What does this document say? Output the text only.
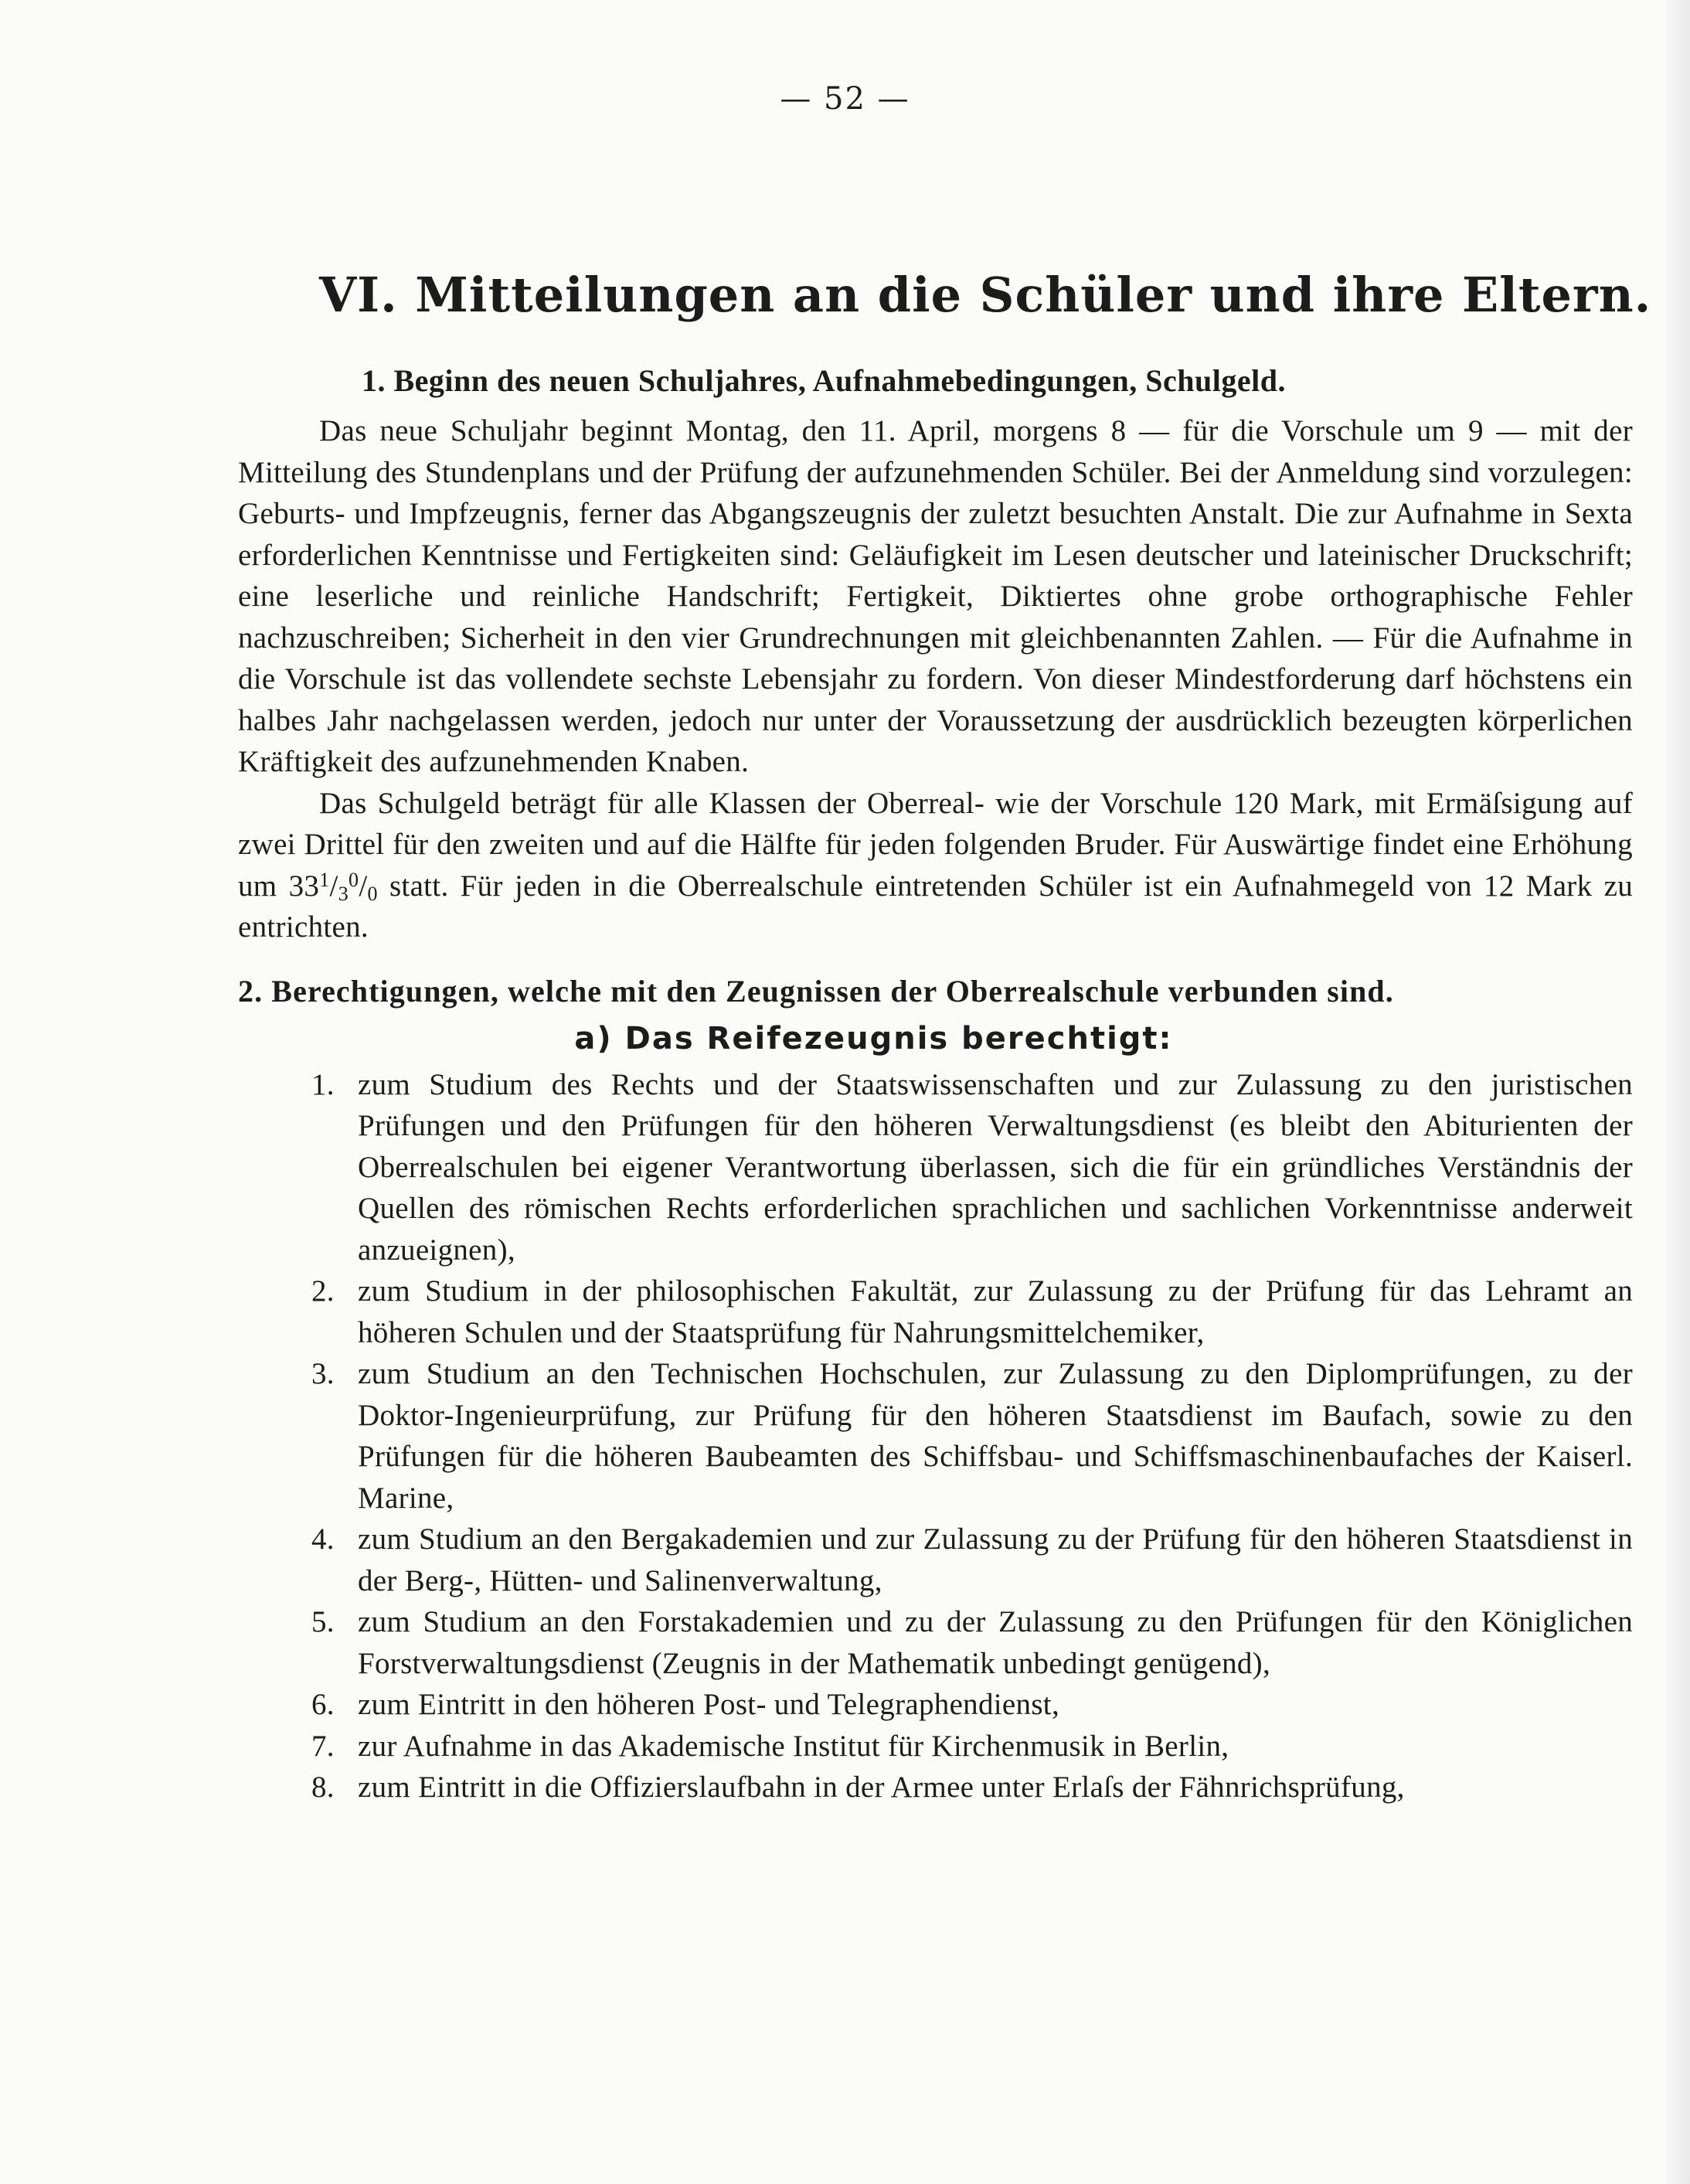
— 52 —
VI. Mitteilungen an die Schüler und ihre Eltern.
1. Beginn des neuen Schuljahres, Aufnahmebedingungen, Schulgeld.

Das neue Schuljahr beginnt Montag, den 11. April, morgens 8 — für die Vorschule um 9 — mit der Mitteilung des Stundenplans und der Prüfung der aufzunehmenden Schüler. Bei der Anmeldung sind vorzulegen: Geburts- und Impfzeugnis, ferner das Abgangszeugnis der zuletzt besuchten Anstalt. Die zur Aufnahme in Sexta erforderlichen Kenntnisse und Fertigkeiten sind: Geläufigkeit im Lesen deutscher und lateinischer Druckschrift; eine leserliche und reinliche Handschrift; Fertigkeit, Diktiertes ohne grobe orthographische Fehler nachzuschreiben; Sicherheit in den vier Grundrechnungen mit gleichbenannten Zahlen. — Für die Aufnahme in die Vorschule ist das vollendete sechste Lebensjahr zu fordern. Von dieser Mindestforderung darf höchstens ein halbes Jahr nachgelassen werden, jedoch nur unter der Voraussetzung der ausdrücklich bezeugten körperlichen Kräftigkeit des aufzunehmenden Knaben.

Das Schulgeld beträgt für alle Klassen der Oberreal- wie der Vorschule 120 Mark, mit Ermäſsigung auf zwei Drittel für den zweiten und auf die Hälfte für jeden folgenden Bruder. Für Auswärtige findet eine Erhöhung um $33^1/_3^0/_0$ statt. Für jeden in die Oberrealschule eintretenden Schüler ist ein Aufnahmegeld von 12 Mark zu entrichten.

2. Berechtigungen, welche mit den Zeugnissen der Oberrealschule verbunden sind.
a) Das Reifezeugnis berechtigt:
1. zum Studium des Rechts und der Staatswissenschaften und zur Zulassung zu den juristischen Prüfungen und den Prüfungen für den höheren Verwaltungsdienst (es bleibt den Abiturienten der Oberrealschulen bei eigener Verantwortung überlassen, sich die für ein gründliches Verständnis der Quellen des römischen Rechts erforderlichen sprachlichen und sachlichen Vorkenntnisse anderweit anzueignen),
2. zum Studium in der philosophischen Fakultät, zur Zulassung zu der Prüfung für das Lehramt an höheren Schulen und der Staatsprüfung für Nahrungsmittelchemiker,
3. zum Studium an den Technischen Hochschulen, zur Zulassung zu den Diplomprüfungen, zu der Doktor-Ingenieurprüfung, zur Prüfung für den höheren Staatsdienst im Baufach, sowie zu den Prüfungen für die höheren Baubeamten des Schiffsbau- und Schiffsmaschinenbaufaches der Kaiserl. Marine,
4. zum Studium an den Bergakademien und zur Zulassung zu der Prüfung für den höheren Staatsdienst in der Berg-, Hütten- und Salinenverwaltung,
5. zum Studium an den Forstakademien und zu der Zulassung zu den Prüfungen für den Königlichen Forstverwaltungsdienst (Zeugnis in der Mathematik unbedingt genügend),
6. zum Eintritt in den höheren Post- und Telegraphendienst,
7. zur Aufnahme in das Akademische Institut für Kirchenmusik in Berlin,
8. zum Eintritt in die Offizierslaufbahn in der Armee unter Erlaſs der Fähnrichsprüfung,
